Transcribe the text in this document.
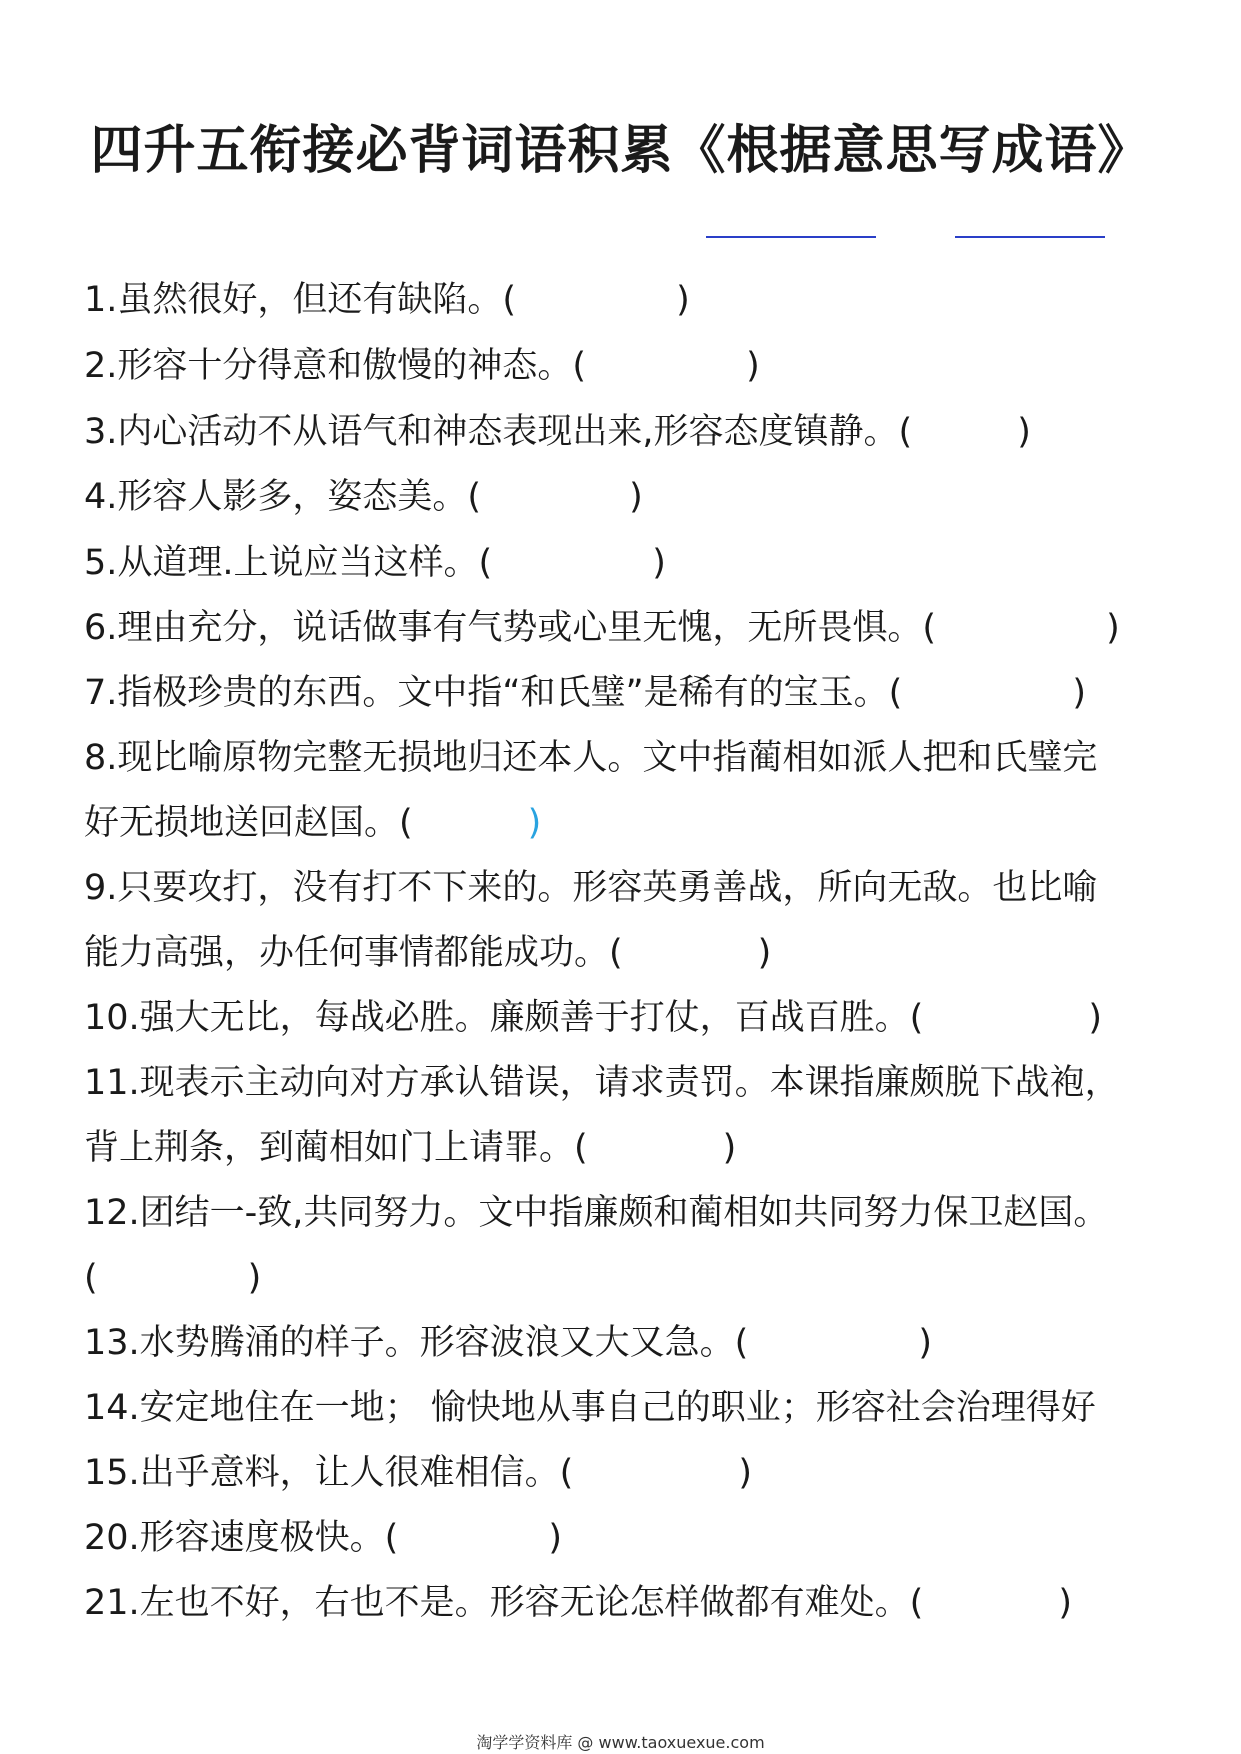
四升五衔接必背词语积累《根据意思写成语》
1.虽然很好，但还有缺陷。(	)
2.形容十分得意和傲慢的神态。(	)
3.内心活动不从语气和神态表现出来,形容态度镇静。(	)
4.形容人影多，姿态美。(	)
5.从道理.上说应当这样。(	)
6.理由充分，说话做事有气势或心里无愧，无所畏惧。(	)
7.指极珍贵的东西。文中指“和氏璧”是稀有的宝玉。(	)
8.现比喻原物完整无损地归还本人。文中指蔺相如派人把和氏璧完
好无损地送回赵国。(	)
9.只要攻打，没有打不下来的。形容英勇善战，所向无敌。也比喻
能力高强，办任何事情都能成功。(	)
10.强大无比，每战必胜。廉颇善于打仗，百战百胜。(	)
11.现表示主动向对方承认错误，请求责罚。本课指廉颇脱下战袍，
背上荆条，到蔺相如门上请罪。(	)
12.团结一-致,共同努力。文中指廉颇和蔺相如共同努力保卫赵国。
(	)
13.水势腾涌的样子。形容波浪又大又急。(	)
14.安定地住在一地； 愉快地从事自己的职业；形容社会治理得好
15.出乎意料，让人很难相信。(	)
20.形容速度极快。(	)
21.左也不好，右也不是。形容无论怎样做都有难处。(	)
淘学学资料库 @ www.taoxuexue.com
